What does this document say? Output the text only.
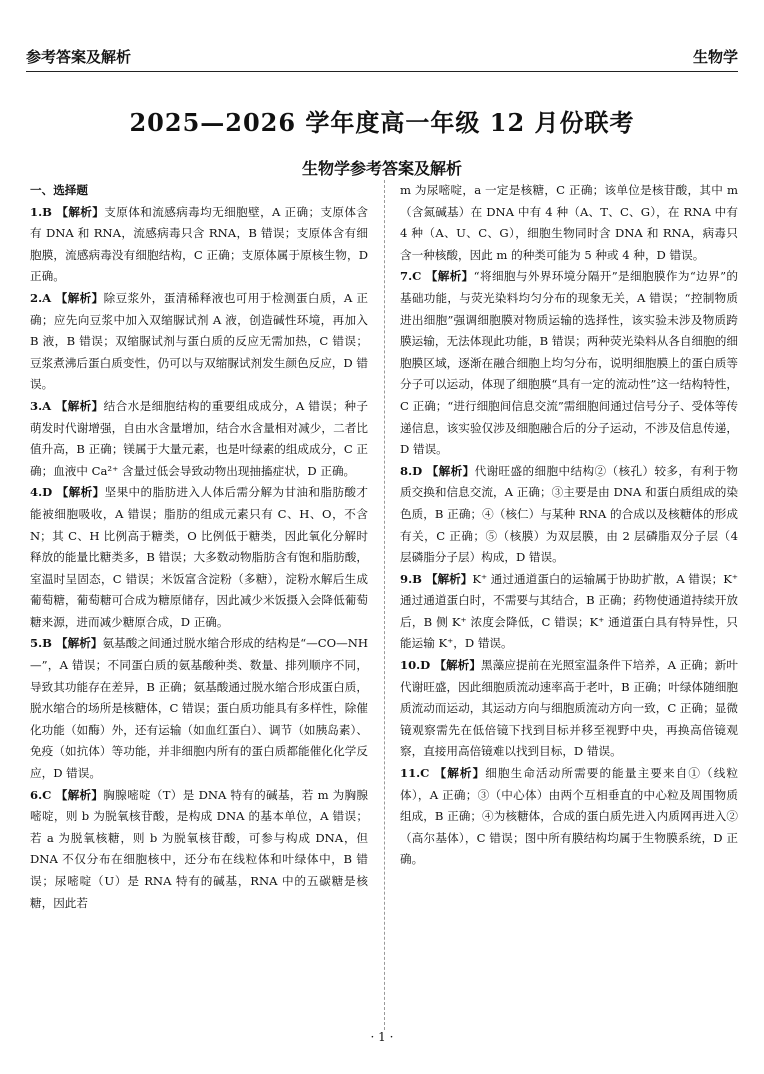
参考答案及解析	生物学
2025—2026 学年度高一年级 12 月份联考
生物学参考答案及解析
一、选择题

1.B 【解析】支原体和流感病毒均无细胞壁，A 正确；支原体含有 DNA 和 RNA，流感病毒只含 RNA，B 错误；支原体含有细胞膜，流感病毒没有细胞结构，C 正确；支原体属于原核生物，D 正确。

2.A 【解析】除豆浆外，蛋清稀释液也可用于检测蛋白质，A 正确；应先向豆浆中加入双缩脲试剂 A 液，创造碱性环境，再加入 B 液，B 错误；双缩脲试剂与蛋白质的反应无需加热，C 错误；豆浆煮沸后蛋白质变性，仍可以与双缩脲试剂发生颜色反应，D 错误。

3.A 【解析】结合水是细胞结构的重要组成成分，A 错误；种子萌发时代谢增强，自由水含量增加，结合水含量相对减少，二者比值升高，B 正确；镁属于大量元素，也是叶绿素的组成成分，C 正确；血液中 Ca²⁺ 含量过低会导致动物出现抽搐症状，D 正确。

4.D 【解析】坚果中的脂肪进入人体后需分解为甘油和脂肪酸才能被细胞吸收，A 错误；脂肪的组成元素只有 C、H、O，不含 N；其 C、H 比例高于糖类，O 比例低于糖类，因此氧化分解时释放的能量比糖类多，B 错误；大多数动物脂肪含有饱和脂肪酸，室温时呈固态，C 错误；米饭富含淀粉（多糖），淀粉水解后生成葡萄糖，葡萄糖可合成为糖原储存，因此减少米饭摄入会降低葡萄糖来源，进而减少糖原合成，D 正确。

5.B 【解析】氨基酸之间通过脱水缩合形成的结构是“—CO—NH—”，A 错误；不同蛋白质的氨基酸种类、数量、排列顺序不同，导致其功能存在差异，B 正确；氨基酸通过脱水缩合形成蛋白质，脱水缩合的场所是核糖体，C 错误；蛋白质功能具有多样性，除催化功能（如酶）外，还有运输（如血红蛋白）、调节（如胰岛素）、免疫（如抗体）等功能，并非细胞内所有的蛋白质都能催化化学反应，D 错误。

6.C 【解析】胸腺嘧啶（T）是 DNA 特有的碱基，若 m 为胸腺嘧啶，则 b 为脱氧核苷酸，是构成 DNA 的基本单位，A 错误；若 a 为脱氧核糖，则 b 为脱氧核苷酸，可参与构成 DNA，但 DNA 不仅分布在细胞核中，还分布在线粒体和叶绿体中，B 错误；尿嘧啶（U）是 RNA 特有的碱基，RNA 中的五碳糖是核糖，因此若

m 为尿嘧啶，a 一定是核糖，C 正确；该单位是核苷酸，其中 m（含氮碱基）在 DNA 中有 4 种（A、T、C、G），在 RNA 中有 4 种（A、U、C、G），细胞生物同时含 DNA 和 RNA，病毒只含一种核酸，因此 m 的种类可能为 5 种或 4 种，D 错误。

7.C 【解析】“将细胞与外界环境分隔开”是细胞膜作为“边界”的基础功能，与荧光染料均匀分布的现象无关，A 错误；“控制物质进出细胞”强调细胞膜对物质运输的选择性，该实验未涉及物质跨膜运输，无法体现此功能，B 错误；两种荧光染料从各自细胞的细胞膜区域，逐渐在融合细胞上均匀分布，说明细胞膜上的蛋白质等分子可以运动，体现了细胞膜“具有一定的流动性”这一结构特性，C 正确；“进行细胞间信息交流”需细胞间通过信号分子、受体等传递信息，该实验仅涉及细胞融合后的分子运动，不涉及信息传递，D 错误。

8.D 【解析】代谢旺盛的细胞中结构②（核孔）较多，有利于物质交换和信息交流，A 正确；③主要是由 DNA 和蛋白质组成的染色质，B 正确；④（核仁）与某种 RNA 的合成以及核糖体的形成有关，C 正确；⑤（核膜）为双层膜，由 2 层磷脂双分子层（4 层磷脂分子层）构成，D 错误。

9.B 【解析】K⁺ 通过通道蛋白的运输属于协助扩散，A 错误；K⁺ 通过通道蛋白时，不需要与其结合，B 正确；药物使通道持续开放后，B 侧 K⁺ 浓度会降低，C 错误；K⁺ 通道蛋白具有特异性，只能运输 K⁺，D 错误。

10.D 【解析】黑藻应提前在光照室温条件下培养，A 正确；新叶代谢旺盛，因此细胞质流动速率高于老叶，B 正确；叶绿体随细胞质流动而运动，其运动方向与细胞质流动方向一致，C 正确；显微镜观察需先在低倍镜下找到目标并移至视野中央，再换高倍镜观察，直接用高倍镜难以找到目标，D 错误。

11.C 【解析】细胞生命活动所需要的能量主要来自①（线粒体），A 正确；③（中心体）由两个互相垂直的中心粒及周围物质组成，B 正确；④为核糖体，合成的蛋白质先进入内质网再进入②（高尔基体），C 错误；图中所有膜结构均属于生物膜系统，D 正确。

· 1 ·
